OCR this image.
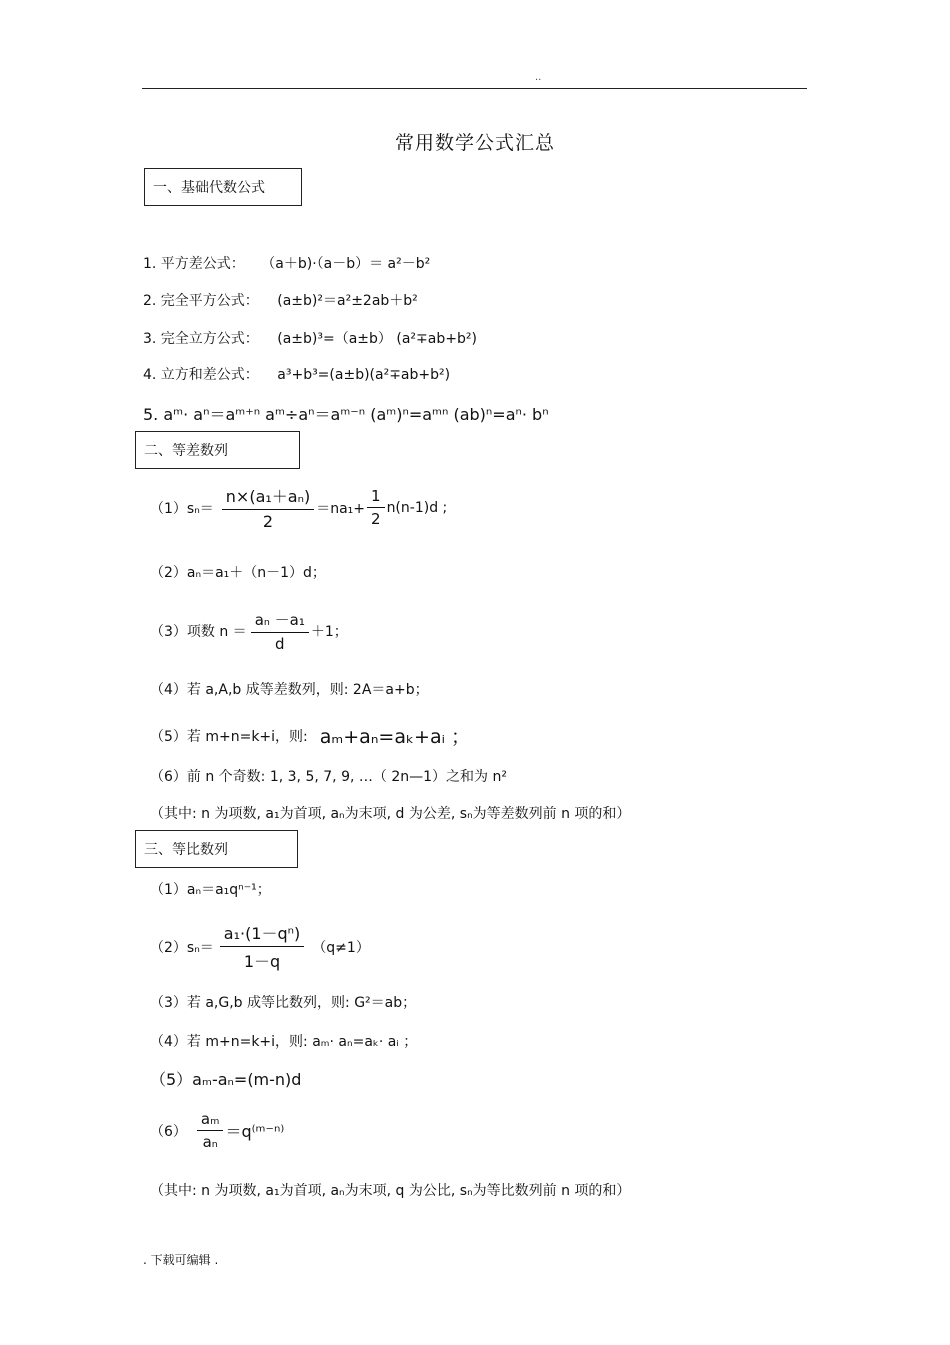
..
常用数学公式汇总
一、基础代数公式
1. 平方差公式： （a＋b)·（a－b）＝ a²－b²
2. 完全平方公式： (a±b)²＝a²±2ab＋b²
3. 完全立方公式： (a±b)³=（a±b） (a²∓ab+b²)
4. 立方和差公式： a³+b³=(a±b)(a²∓ab+b²)
5. aᵐ· aⁿ＝aᵐ⁺ⁿ aᵐ÷aⁿ＝aᵐ⁻ⁿ (aᵐ)ⁿ=aᵐⁿ (ab)ⁿ=aⁿ· bⁿ
二、等差数列
$(1)s_n= \frac{\text{n×(a₁＋aₙ)}}{2} =na_1+ \frac{1}{2} n(n-1)d$ ;
（2）aₙ＝a₁＋（n－1）d；
（3）项数 $n = \frac{\text{aₙ －a₁}}{d} +1$；
（4）若 a,A,b 成等差数列，则: 2A＝a+b；
（5）若 m+n=k+i，则: aₘ+aₙ=aₖ+aᵢ ；
（6）前 n 个奇数: 1, 3, 5, 7, 9, …（ 2n—1）之和为 n²
（其中: n 为项数, a₁为首项, aₙ为末项, d 为公差, sₙ为等差数列前 n 项的和）
三、等比数列
（1）aₙ＝a₁qⁿ⁻¹；
$(2)s_n= \frac{\text{a₁·(1－qⁿ)}}{1-q} (q\ne 1)$
（3）若 a,G,b 成等比数列，则: G²＝ab；
（4）若 m+n=k+i，则: aₘ· aₙ=aₖ· aᵢ ；
（5）aₘ-aₙ=(m-n)d
$(6) \frac{\text{aₘ}}{\text{aₙ}}$ ＝q⁽ᵐ⁻ⁿ⁾
（其中: n 为项数, a₁为首项, aₙ为末项, q 为公比, sₙ为等比数列前 n 项的和）
. 下载可编辑 .
